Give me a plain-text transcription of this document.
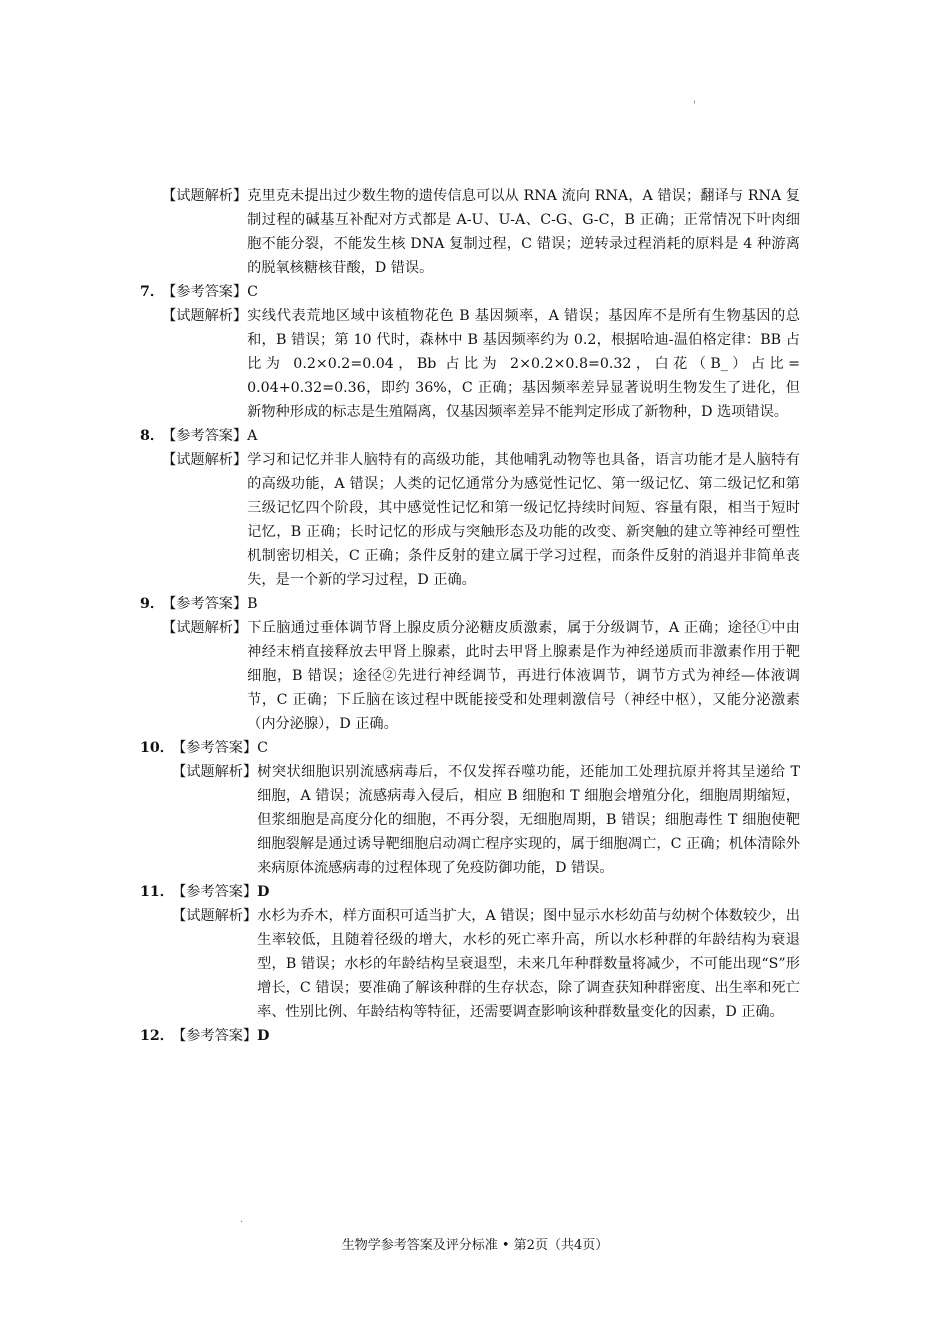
'
【试题解析】 克里克未提出过少数生物的遗传信息可以从 RNA 流向 RNA，A 错误；翻译与 RNA 复制过程的碱基互补配对方式都是 A-U、U-A、C-G、G-C，B 正确；正常情况下叶肉细胞不能分裂，不能发生核 DNA 复制过程，C 错误；逆转录过程消耗的原料是 4 种游离的脱氧核糖核苷酸，D 错误。
7．
【参考答案】 C
【试题解析】 实线代表荒地区域中该植物花色 B 基因频率，A 错误；基因库不是所有生物基因的总和，B 错误；第 10 代时，森林中 B 基因频率约为 0.2，根据哈迪-温伯格定律：BB 占比为 0.2×0.2=0.04，Bb 占比为 2×0.2×0.8=0.32，白花（B_）占比= 0.04+0.32=0.36，即约 36%，C 正确；基因频率差异显著说明生物发生了进化，但新物种形成的标志是生殖隔离，仅基因频率差异不能判定形成了新物种，D 选项错误。
8．
【参考答案】 A
【试题解析】 学习和记忆并非人脑特有的高级功能，其他哺乳动物等也具备，语言功能才是人脑特有的高级功能，A 错误；人类的记忆通常分为感觉性记忆、第一级记忆、第二级记忆和第三级记忆四个阶段，其中感觉性记忆和第一级记忆持续时间短、容量有限，相当于短时记忆，B 正确；长时记忆的形成与突触形态及功能的改变、新突触的建立等神经可塑性机制密切相关，C 正确；条件反射的建立属于学习过程，而条件反射的消退并非简单丧失，是一个新的学习过程，D 正确。
9．
【参考答案】 B
【试题解析】 下丘脑通过垂体调节肾上腺皮质分泌糖皮质激素，属于分级调节，A 正确；途径①中由神经末梢直接释放去甲肾上腺素，此时去甲肾上腺素是作为神经递质而非激素作用于靶细胞，B 错误；途径②先进行神经调节，再进行体液调节，调节方式为神经—体液调节，C 正确；下丘脑在该过程中既能接受和处理刺激信号（神经中枢），又能分泌激素（内分泌腺），D 正确。
10．
【参考答案】 C
【试题解析】 树突状细胞识别流感病毒后，不仅发挥吞噬功能，还能加工处理抗原并将其呈递给 T 细胞，A 错误；流感病毒入侵后，相应 B 细胞和 T 细胞会增殖分化，细胞周期缩短，但浆细胞是高度分化的细胞，不再分裂，无细胞周期，B 错误；细胞毒性 T 细胞使靶细胞裂解是通过诱导靶细胞启动凋亡程序实现的，属于细胞凋亡，C 正确；机体清除外来病原体流感病毒的过程体现了免疫防御功能，D 错误。
11．
【参考答案】 D
【试题解析】 水杉为乔木，样方面积可适当扩大，A 错误；图中显示水杉幼苗与幼树个体数较少，出生率较低，且随着径级的增大，水杉的死亡率升高，所以水杉种群的年龄结构为衰退型，B 错误；水杉的年龄结构呈衰退型，未来几年种群数量将减少，不可能出现“S”形增长，C 错误；要准确了解该种群的生存状态，除了调查获知种群密度、出生率和死亡率、性别比例、年龄结构等特征，还需要调查影响该种群数量变化的因素，D 正确。
12．
【参考答案】 D
.
生物学参考答案及评分标准 • 第2页（共4页）
